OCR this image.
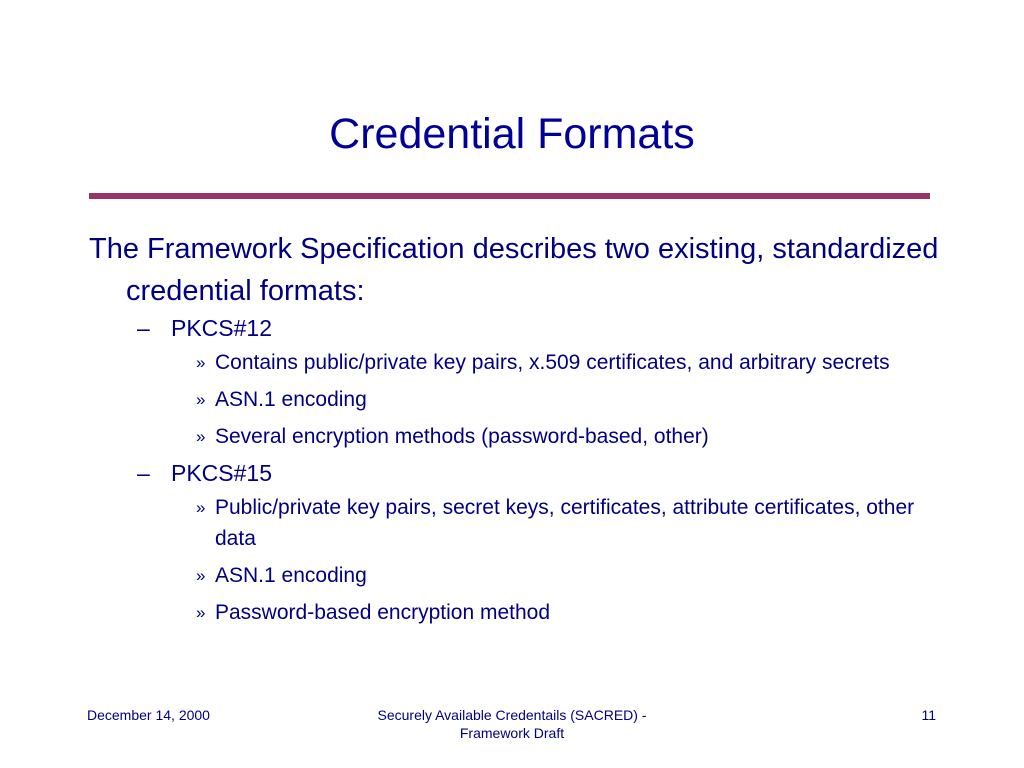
Credential Formats
The Framework Specification describes two existing, standardized credential formats:
– PKCS#12
» Contains public/private key pairs, x.509 certificates, and arbitrary secrets
» ASN.1 encoding
» Several encryption methods (password-based, other)
– PKCS#15
» Public/private key pairs, secret keys, certificates, attribute certificates, other data
» ASN.1 encoding
» Password-based encryption method
December 14, 2000	Securely Available Credentails (SACRED) -
Framework Draft
11
